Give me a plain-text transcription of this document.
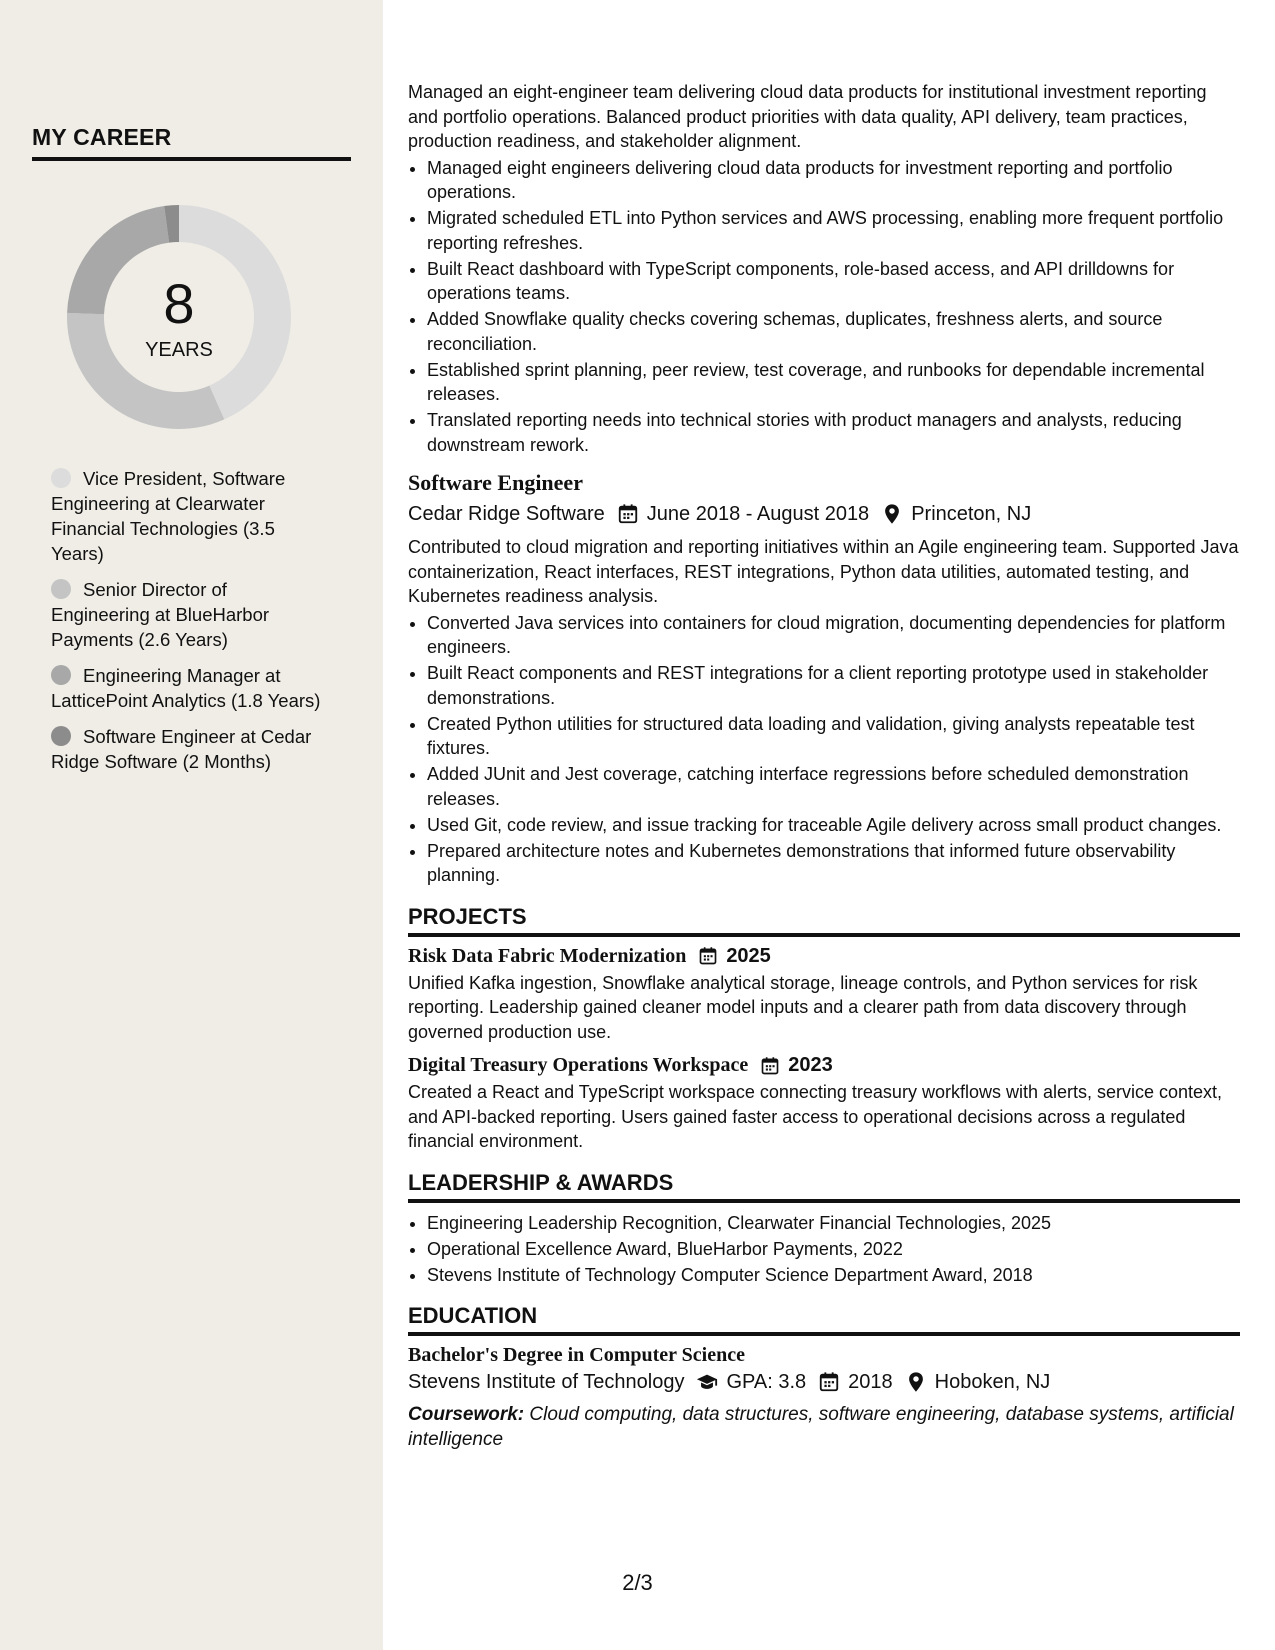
MY CAREER
8
YEARS
Vice President, Software Engineering at Clearwater Financial Technologies (3.5 Years)
Senior Director of Engineering at BlueHarbor Payments (2.6 Years)
Engineering Manager at LatticePoint Analytics (1.8 Years)
Software Engineer at Cedar Ridge Software (2 Months)

Managed an eight-engineer team delivering cloud data products for institutional investment reporting and portfolio operations. Balanced product priorities with data quality, API delivery, team practices, production readiness, and stakeholder alignment.

• Managed eight engineers delivering cloud data products for investment reporting and portfolio operations.
• Migrated scheduled ETL into Python services and AWS processing, enabling more frequent portfolio reporting refreshes.
• Built React dashboard with TypeScript components, role-based access, and API drilldowns for operations teams.
• Added Snowflake quality checks covering schemas, duplicates, freshness alerts, and source reconciliation.
• Established sprint planning, peer review, test coverage, and runbooks for dependable incremental releases.
• Translated reporting needs into technical stories with product managers and analysts, reducing downstream rework.
Software Engineer
Cedar Ridge Software June 2018 - August 2018 Princeton, NJ

Contributed to cloud migration and reporting initiatives within an Agile engineering team. Supported Java containerization, React interfaces, REST integrations, Python data utilities, automated testing, and Kubernetes readiness analysis.

• Converted Java services into containers for cloud migration, documenting dependencies for platform engineers.
• Built React components and REST integrations for a client reporting prototype used in stakeholder demonstrations.
• Created Python utilities for structured data loading and validation, giving analysts repeatable test fixtures.
• Added JUnit and Jest coverage, catching interface regressions before scheduled demonstration releases.
• Used Git, code review, and issue tracking for traceable Agile delivery across small product changes.
• Prepared architecture notes and Kubernetes demonstrations that informed future observability planning.
PROJECTS
Risk Data Fabric Modernization 2025

Unified Kafka ingestion, Snowflake analytical storage, lineage controls, and Python services for risk reporting. Leadership gained cleaner model inputs and a clearer path from data discovery through governed production use.

Digital Treasury Operations Workspace 2023

Created a React and TypeScript workspace connecting treasury workflows with alerts, service context, and API-backed reporting. Users gained faster access to operational decisions across a regulated financial environment.

LEADERSHIP & AWARDS
• Engineering Leadership Recognition, Clearwater Financial Technologies, 2025
• Operational Excellence Award, BlueHarbor Payments, 2022
• Stevens Institute of Technology Computer Science Department Award, 2018
EDUCATION
Bachelor's Degree in Computer Science
Stevens Institute of Technology GPA: 3.8 2018 Hoboken, NJ
Coursework: Cloud computing, data structures, software engineering, database systems, artificial intelligence
2/3
